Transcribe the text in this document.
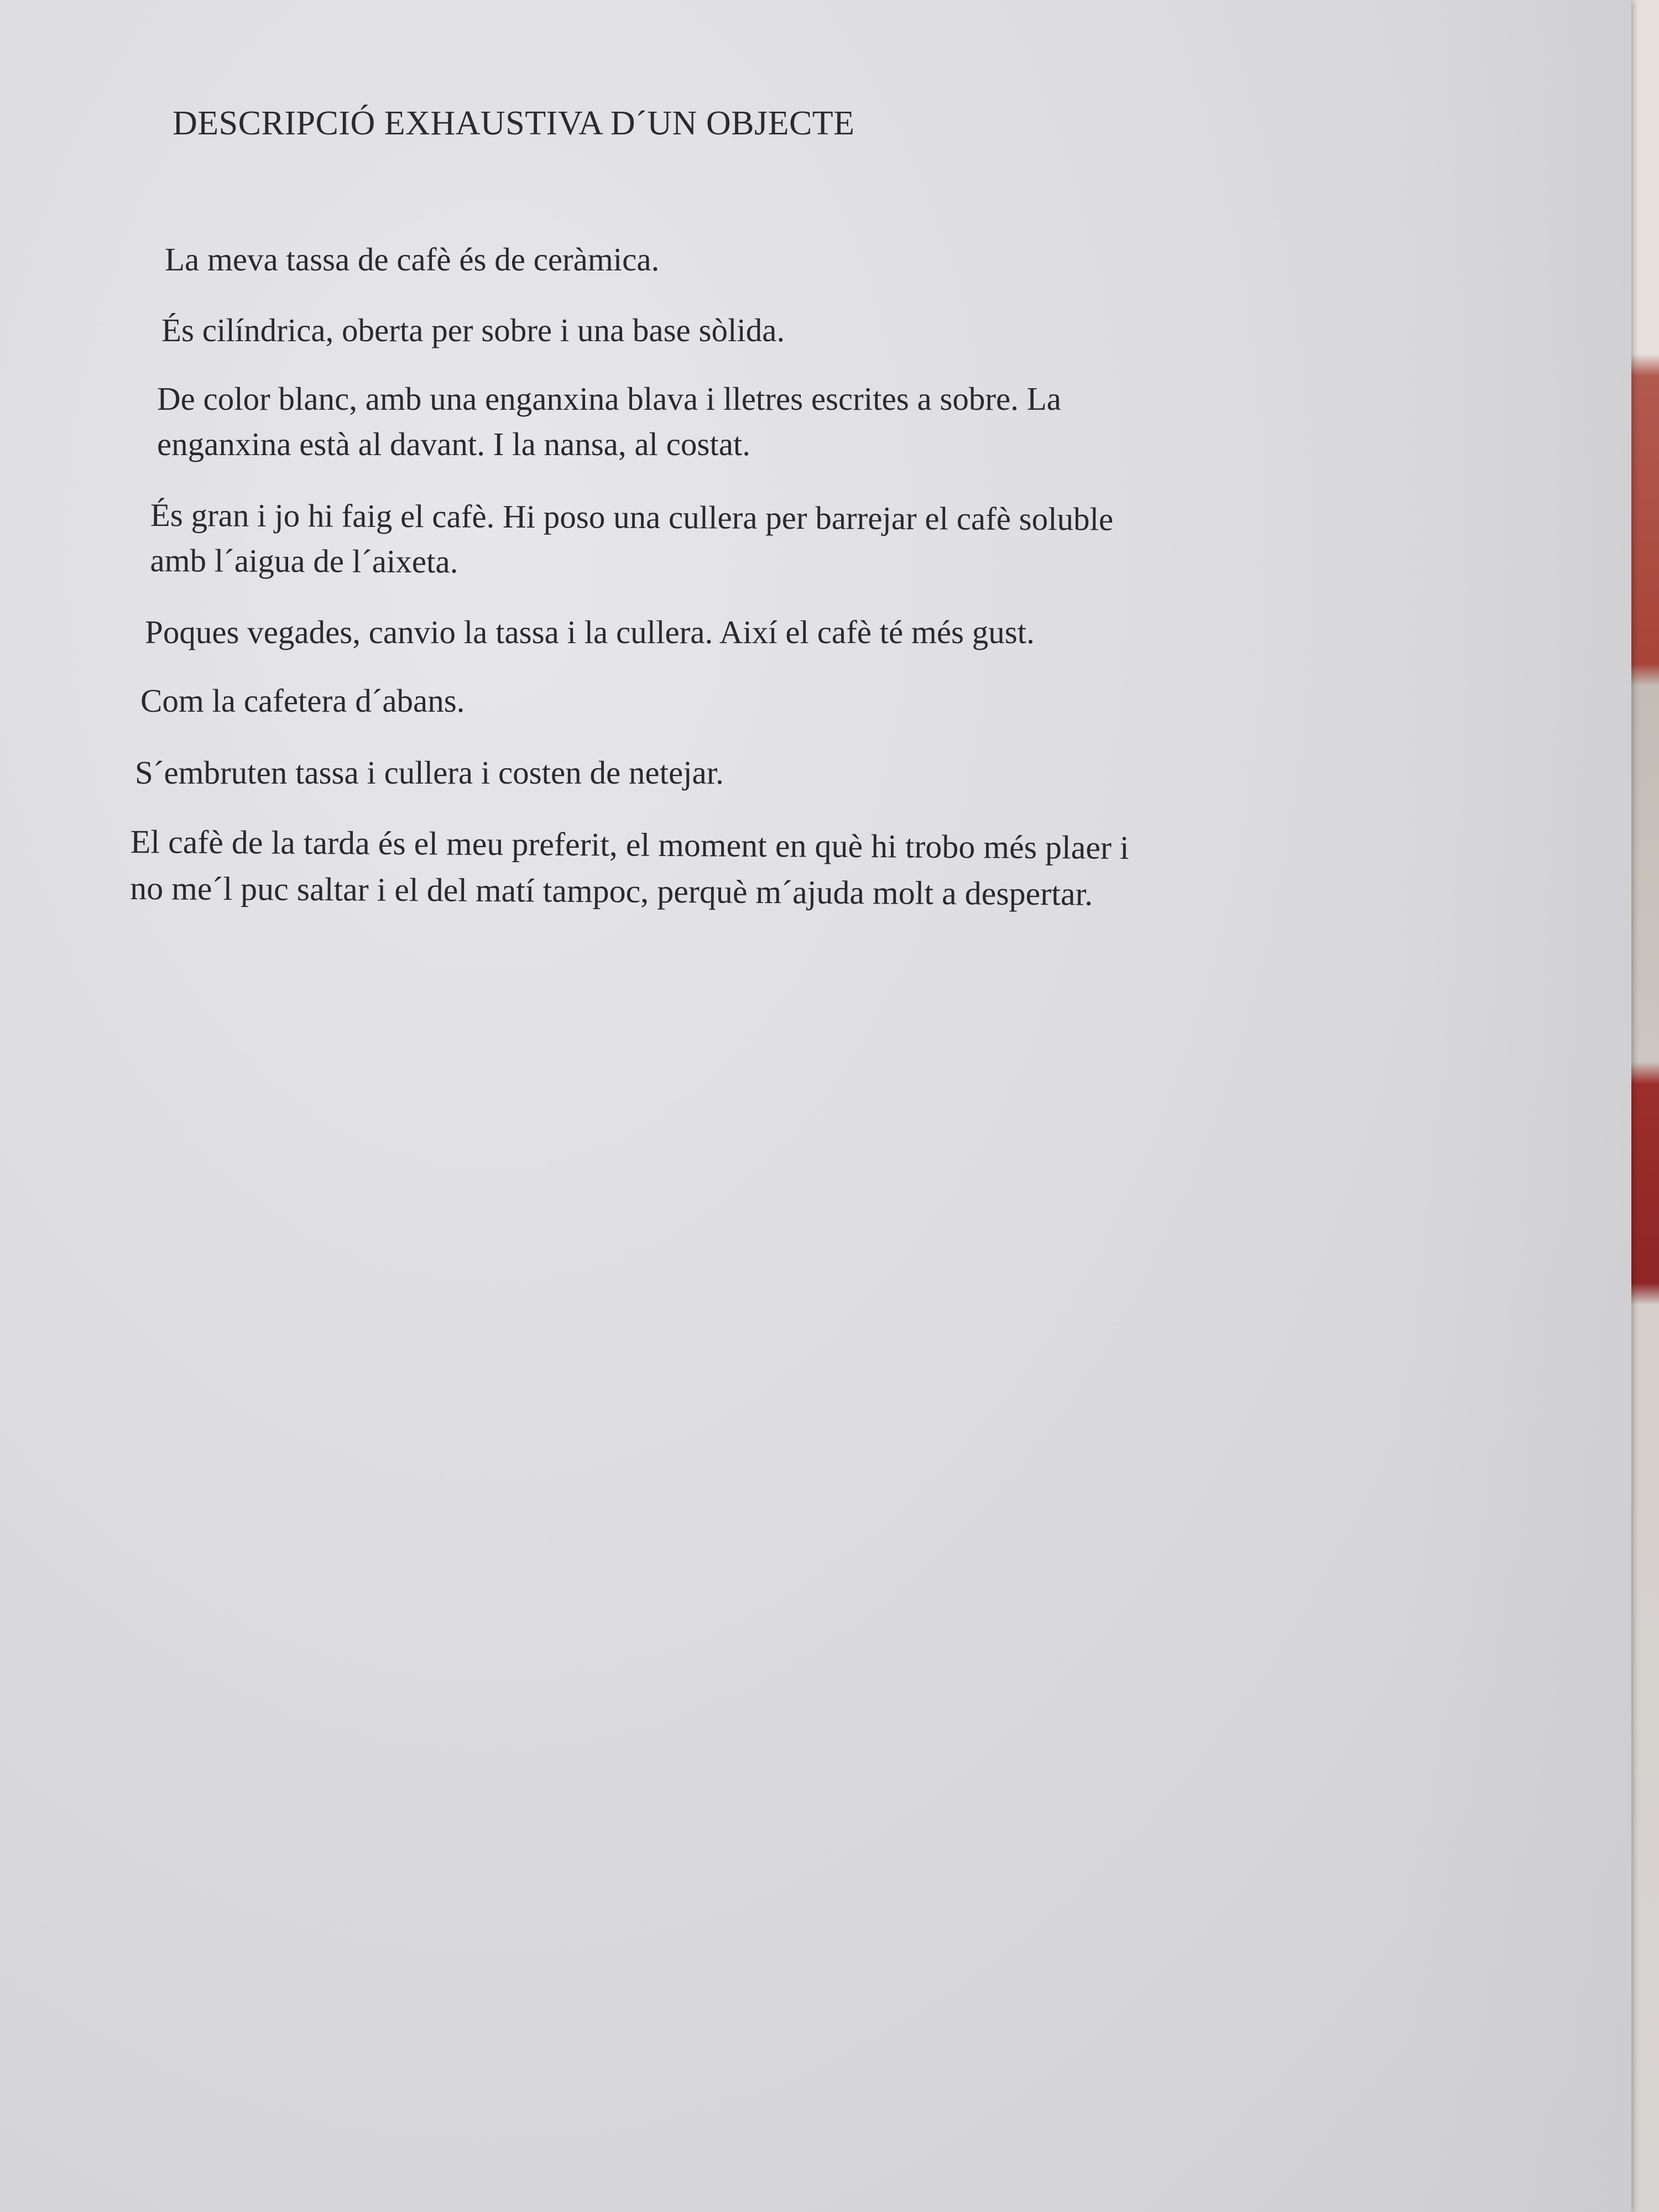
DESCRIPCIÓ EXHAUSTIVA D´UN OBJECTE

La meva tassa de cafè és de ceràmica.

És cilíndrica, oberta per sobre i una base sòlida.

De color blanc, amb una enganxina blava i lletres escrites a sobre. La
enganxina està al davant. I la nansa, al costat.

És gran i jo hi faig el cafè. Hi poso una cullera per barrejar el cafè soluble
amb l´aigua de l´aixeta.

Poques vegades, canvio la tassa i la cullera. Així el cafè té més gust.

Com la cafetera d´abans.

S´embruten tassa i cullera i costen de netejar.

El cafè de la tarda és el meu preferit, el moment en què hi trobo més plaer i
no me´l puc saltar i el del matí tampoc, perquè m´ajuda molt a despertar.
